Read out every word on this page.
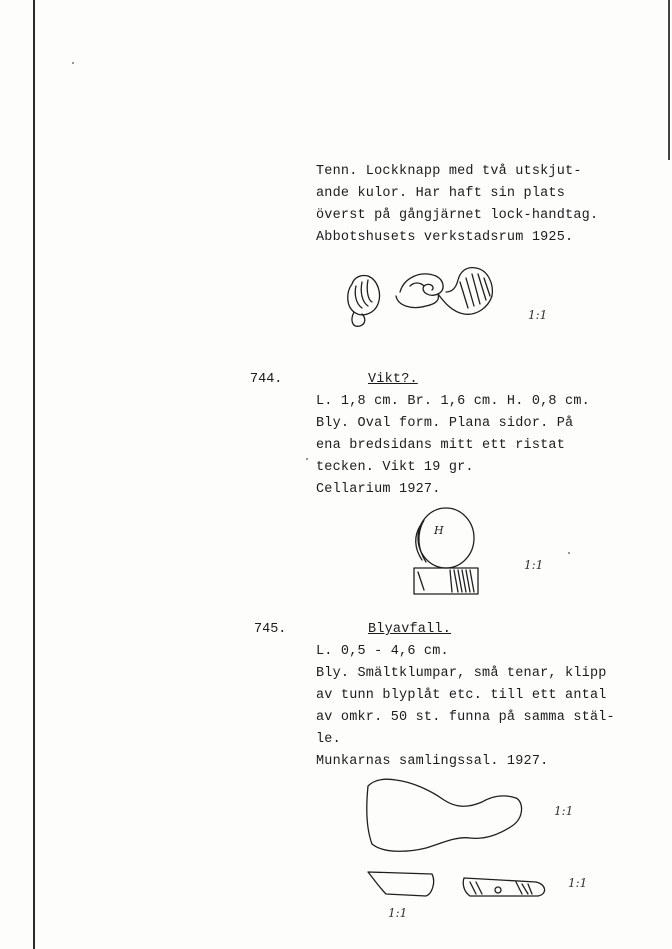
Tenn. Lockknapp med två utskjut-
ande kulor. Har haft sin plats
överst på gångjärnet lock-handtag.
Abbotshusets verkstadsrum 1925.
1:1
744.	Vikt?.
L. 1,8 cm. Br. 1,6 cm. H. 0,8 cm.
Bly. Oval form. Plana sidor. På
ena bredsidans mitt ett ristat
tecken. Vikt 19 gr.
Cellarium 1927.
H
1:1
745.	Blyavfall.
L. 0,5 - 4,6 cm.
Bly. Smältklumpar, små tenar, klipp
av tunn blyplåt etc. till ett antal
av omkr. 50 st. funna på samma stäl-
le.
Munkarnas samlingssal. 1927.
1:1
1:1
1:1
